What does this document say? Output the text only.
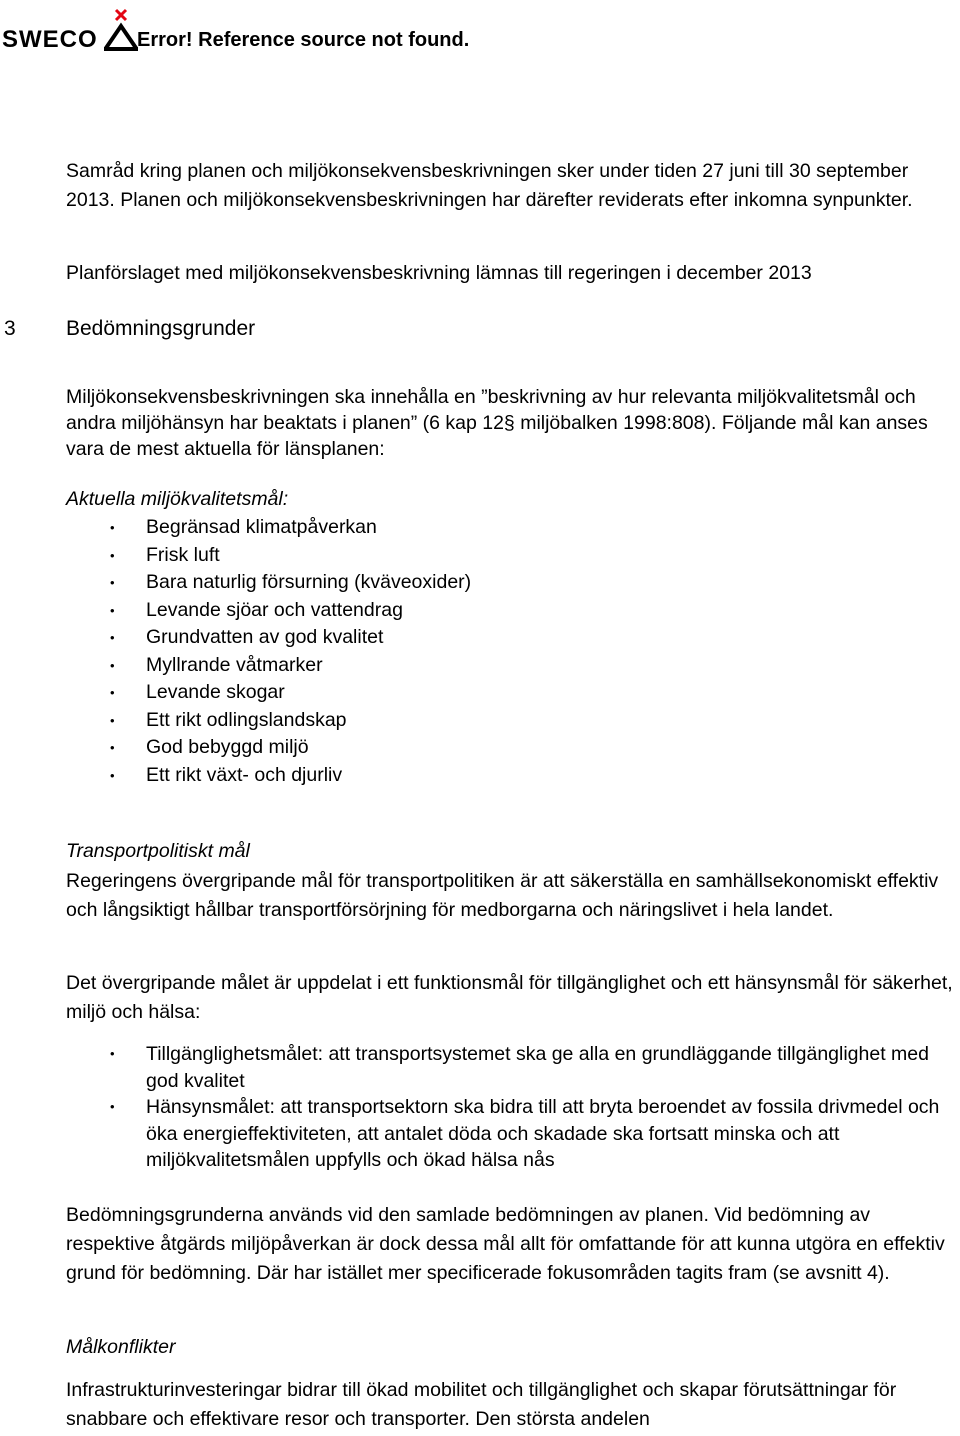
SWECO Error! Reference source not found.
Samråd kring planen och miljökonsekvensbeskrivningen sker under tiden 27 juni till 30 september 2013. Planen och miljökonsekvensbeskrivningen har därefter reviderats efter inkomna synpunkter.
Planförslaget med miljökonsekvensbeskrivning lämnas till regeringen i december 2013
3 Bedömningsgrunder
Miljökonsekvensbeskrivningen ska innehålla en ”beskrivning av hur relevanta miljökvalitetsmål och andra miljöhänsyn har beaktats i planen” (6 kap 12§ miljöbalken 1998:808). Följande mål kan anses vara de mest aktuella för länsplanen:
Aktuella miljökvalitetsmål:
• Begränsad klimatpåverkan
• Frisk luft
• Bara naturlig försurning (kväveoxider)
• Levande sjöar och vattendrag
• Grundvatten av god kvalitet
• Myllrande våtmarker
• Levande skogar
• Ett rikt odlingslandskap
• God bebyggd miljö
• Ett rikt växt- och djurliv
Transportpolitiskt mål
Regeringens övergripande mål för transportpolitiken är att säkerställa en samhällsekonomiskt effektiv och långsiktigt hållbar transportförsörjning för medborgarna och näringslivet i hela landet.
Det övergripande målet är uppdelat i ett funktionsmål för tillgänglighet och ett hänsynsmål för säkerhet, miljö och hälsa:
• Tillgänglighetsmålet: att transportsystemet ska ge alla en grundläggande tillgänglighet med god kvalitet
• Hänsynsmålet: att transportsektorn ska bidra till att bryta beroendet av fossila drivmedel och öka energieffektiviteten, att antalet döda och skadade ska fortsatt minska och att miljökvalitetsmålen uppfylls och ökad hälsa nås
Bedömningsgrunderna används vid den samlade bedömningen av planen. Vid bedömning av respektive åtgärds miljöpåverkan är dock dessa mål allt för omfattande för att kunna utgöra en effektiv grund för bedömning. Där har istället mer specificerade fokusområden tagits fram (se avsnitt 4).
Målkonflikter
Infrastrukturinvesteringar bidrar till ökad mobilitet och tillgänglighet och skapar förutsättningar för snabbare och effektivare resor och transporter. Den största andelen
